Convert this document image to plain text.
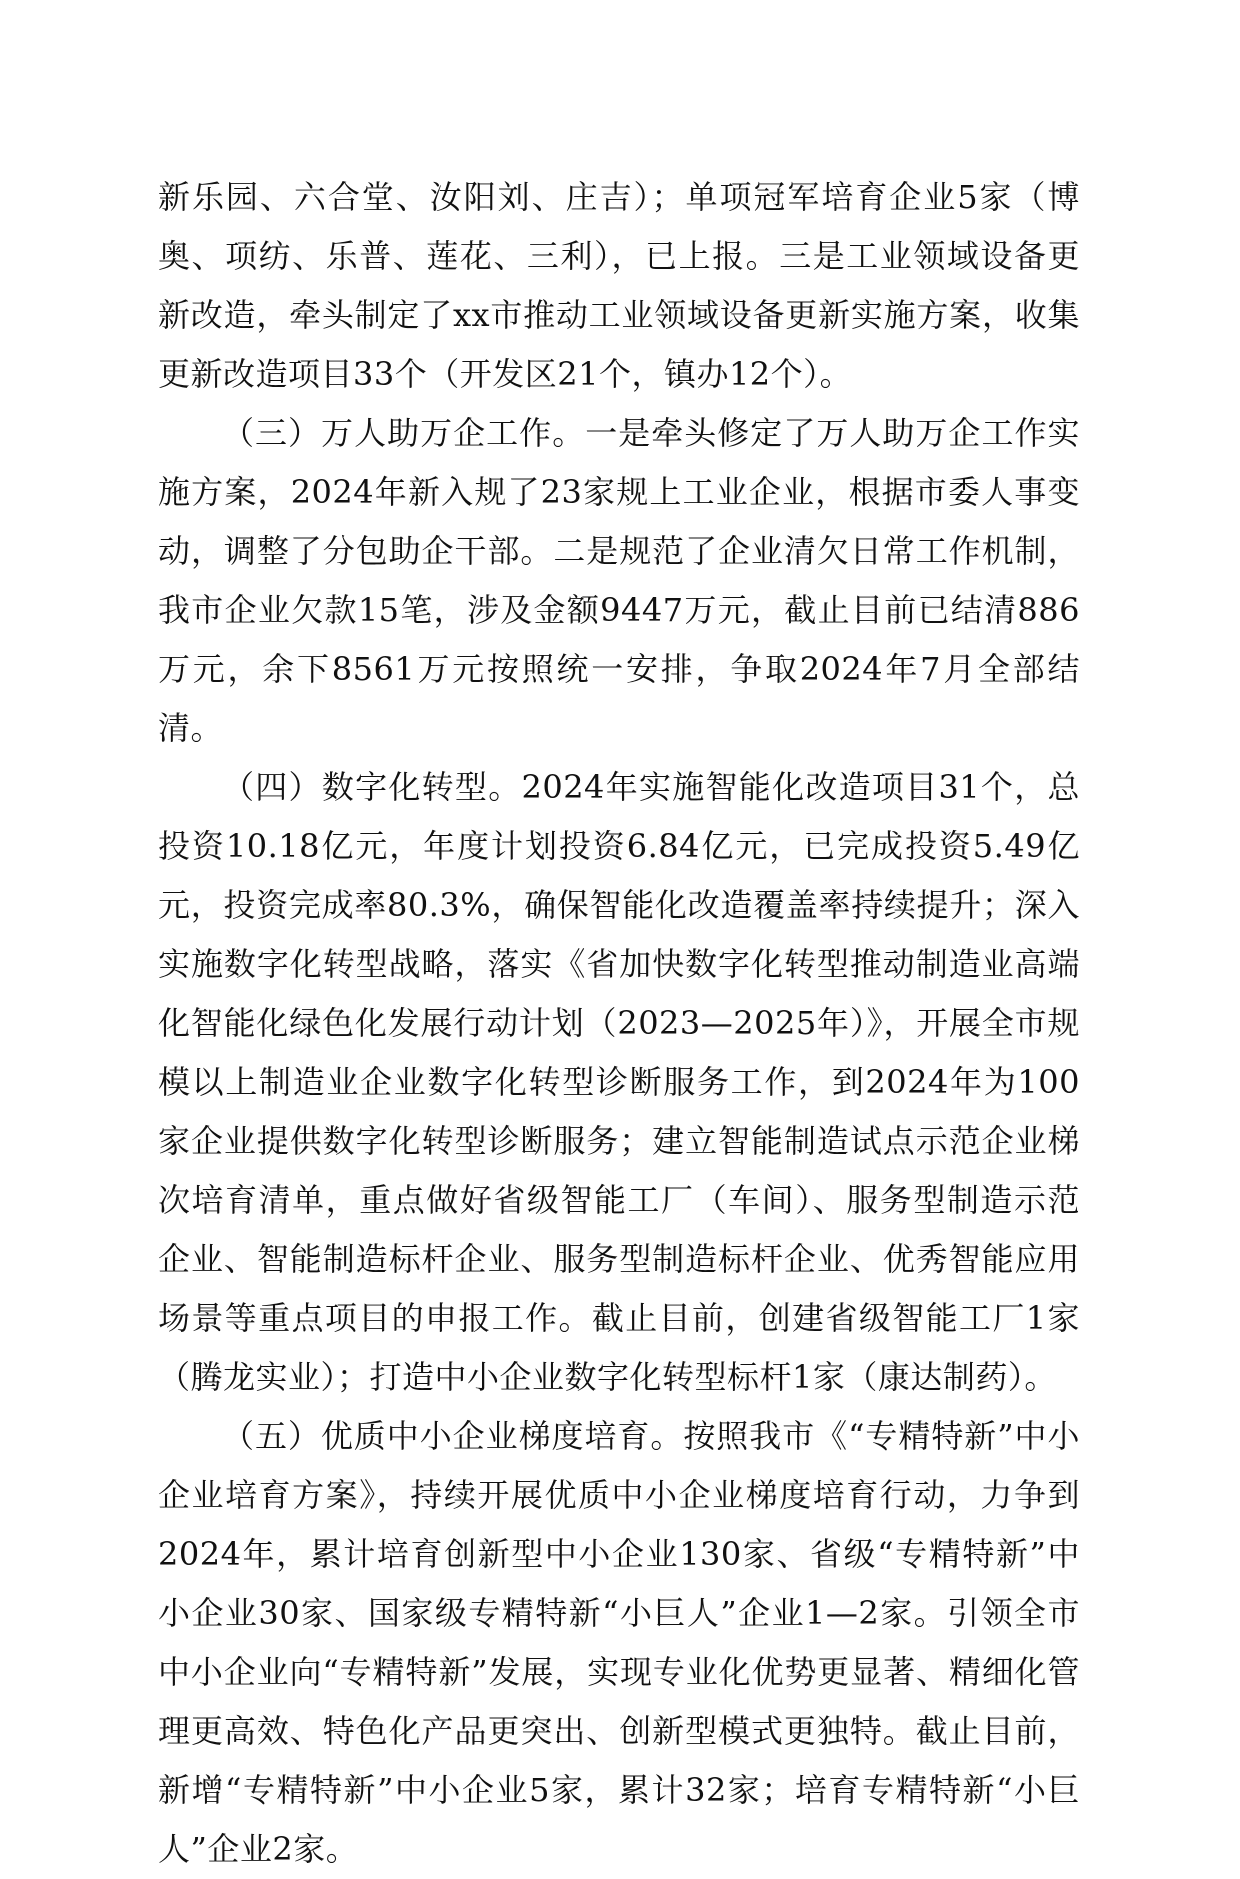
新乐园、六合堂、汝阳刘、庄吉）；单项冠军培育企业5家（博奥、项纺、乐普、莲花、三利），已上报。三是工业领域设备更新改造，牵头制定了xx市推动工业领域设备更新实施方案，收集更新改造项目33个（开发区21个，镇办12个）。

（三）万人助万企工作。一是牵头修定了万人助万企工作实施方案，2024年新入规了23家规上工业企业，根据市委人事变动，调整了分包助企干部。二是规范了企业清欠日常工作机制，我市企业欠款15笔，涉及金额9447万元，截止目前已结清886万元，余下8561万元按照统一安排，争取2024年7月全部结清。

（四）数字化转型。2024年实施智能化改造项目31个，总投资10.18亿元，年度计划投资6.84亿元，已完成投资5.49亿元，投资完成率80.3%，确保智能化改造覆盖率持续提升；深入实施数字化转型战略，落实《省加快数字化转型推动制造业高端化智能化绿色化发展行动计划（2023—2025年）》，开展全市规模以上制造业企业数字化转型诊断服务工作，到2024年为100家企业提供数字化转型诊断服务；建立智能制造试点示范企业梯次培育清单，重点做好省级智能工厂（车间）、服务型制造示范企业、智能制造标杆企业、服务型制造标杆企业、优秀智能应用场景等重点项目的申报工作。截止目前，创建省级智能工厂1家（腾龙实业）；打造中小企业数字化转型标杆1家（康达制药）。

（五）优质中小企业梯度培育。按照我市《“专精特新”中小企业培育方案》，持续开展优质中小企业梯度培育行动，力争到2024年，累计培育创新型中小企业130家、省级“专精特新”中小企业30家、国家级专精特新“小巨人”企业1—2家。引领全市中小企业向“专精特新”发展，实现专业化优势更显著、精细化管理更高效、特色化产品更突出、创新型模式更独特。截止目前，新增“专精特新”中小企业5家，累计32家；培育专精特新“小巨人”企业2家。
